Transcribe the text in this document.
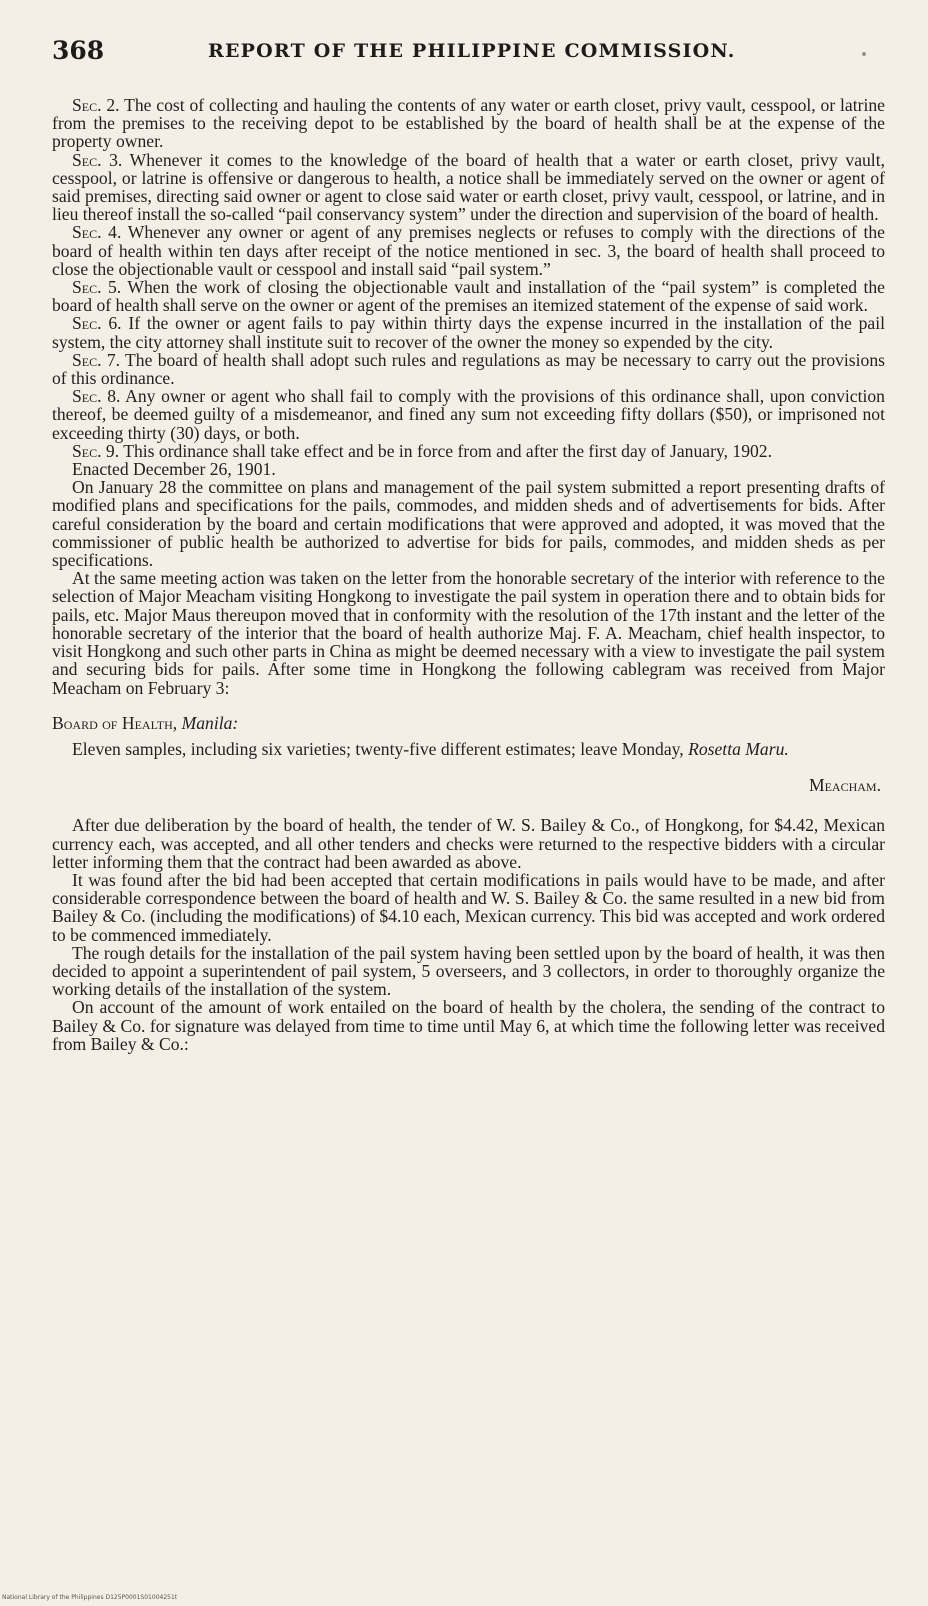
368	REPORT OF THE PHILIPPINE COMMISSION.

Sec. 2. The cost of collecting and hauling the contents of any water or earth closet, privy vault, cesspool, or latrine from the premises to the receiving depot to be established by the board of health shall be at the expense of the property owner.

Sec. 3. Whenever it comes to the knowledge of the board of health that a water or earth closet, privy vault, cesspool, or latrine is offensive or dangerous to health, a notice shall be immediately served on the owner or agent of said premises, directing said owner or agent to close said water or earth closet, privy vault, cesspool, or latrine, and in lieu thereof install the so-called “pail conservancy system” under the direction and supervision of the board of health.

Sec. 4. Whenever any owner or agent of any premises neglects or refuses to comply with the directions of the board of health within ten days after receipt of the notice mentioned in sec. 3, the board of health shall proceed to close the objectionable vault or cesspool and install said “pail system.”

Sec. 5. When the work of closing the objectionable vault and installation of the “pail system” is completed the board of health shall serve on the owner or agent of the premises an itemized statement of the expense of said work.

Sec. 6. If the owner or agent fails to pay within thirty days the expense incurred in the installation of the pail system, the city attorney shall institute suit to recover of the owner the money so expended by the city.

Sec. 7. The board of health shall adopt such rules and regulations as may be necessary to carry out the provisions of this ordinance.

Sec. 8. Any owner or agent who shall fail to comply with the provisions of this ordinance shall, upon conviction thereof, be deemed guilty of a misdemeanor, and fined any sum not exceeding fifty dollars ($50), or imprisoned not exceeding thirty (30) days, or both.

Sec. 9. This ordinance shall take effect and be in force from and after the first day of January, 1902.

Enacted December 26, 1901.

On January 28 the committee on plans and management of the pail system submitted a report presenting drafts of modified plans and specifications for the pails, commodes, and midden sheds and of advertisements for bids. After careful consideration by the board and certain modifications that were approved and adopted, it was moved that the commissioner of public health be authorized to advertise for bids for pails, commodes, and midden sheds as per specifications.

At the same meeting action was taken on the letter from the honorable secretary of the interior with reference to the selection of Major Meacham visiting Hongkong to investigate the pail system in operation there and to obtain bids for pails, etc. Major Maus thereupon moved that in conformity with the resolution of the 17th instant and the letter of the honorable secretary of the interior that the board of health authorize Maj. F. A. Meacham, chief health inspector, to visit Hongkong and such other parts in China as might be deemed necessary with a view to investigate the pail system and securing bids for pails. After some time in Hongkong the following cablegram was received from Major Meacham on February 3:

Board of Health, Manila:

Eleven samples, including six varieties; twenty-five different estimates; leave Monday, Rosetta Maru.

Meacham.

After due deliberation by the board of health, the tender of W. S. Bailey & Co., of Hongkong, for $4.42, Mexican currency each, was accepted, and all other tenders and checks were returned to the respective bidders with a circular letter informing them that the contract had been awarded as above.

It was found after the bid had been accepted that certain modifications in pails would have to be made, and after considerable correspondence between the board of health and W. S. Bailey & Co. the same resulted in a new bid from Bailey & Co. (including the modifications) of $4.10 each, Mexican currency. This bid was accepted and work ordered to be commenced immediately.

The rough details for the installation of the pail system having been settled upon by the board of health, it was then decided to appoint a superintendent of pail system, 5 overseers, and 3 collectors, in order to thoroughly organize the working details of the installation of the system.

On account of the amount of work entailed on the board of health by the cholera, the sending of the contract to Bailey & Co. for signature was delayed from time to time until May 6, at which time the following letter was received from Bailey & Co.:

National Library of the Philippines D125P0001S01004251t
